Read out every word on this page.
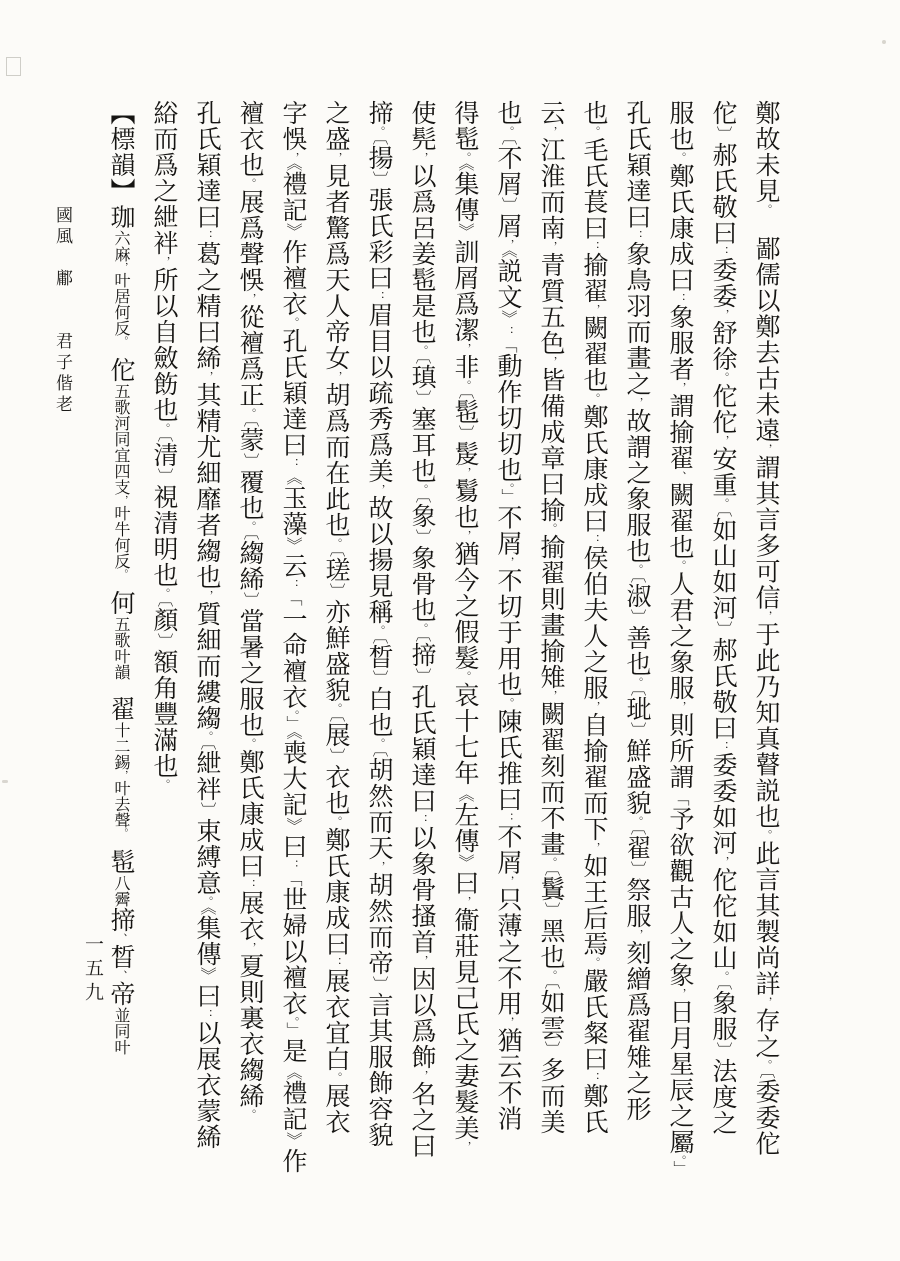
鄭故未見。　鄙儒以鄭去古未遠，謂其言多可信，于此乃知真瞽説也。此言其製尚詳，存之。〔委委佗
佗〕郝氏敬曰：委委，舒徐。佗佗，安重。〔如山如河〕郝氏敬曰：委委如河，佗佗如山。〔象服〕法度之
服也。鄭氏康成曰：象服者，謂揄翟、闕翟也。人君之象服，則所謂「予欲觀古人之象，日月星辰之屬。」
孔氏穎達曰：象鳥羽而畫之，故謂之象服也。〔淑〕善也。〔玼〕鮮盛貌。〔翟〕祭服，刻繒爲翟雉之形
也。毛氏萇曰：揄翟，闕翟也。鄭氏康成曰：侯伯夫人之服，自揄翟而下，如王后焉。嚴氏粲曰：鄭氏
云，江淮而南，青質五色，皆備成章曰揄。揄翟則畫揄雉，闕翟刻而不畫。〔鬒〕黑也。〔如雲〕多而美
也。〔不屑〕屑，《説文》：「動作切切也。」不屑，不切于用也。陳氏推曰：不屑，只薄之不用，猶云不消
得髢。《集傳》訓屑爲潔，非。〔髢〕髲，鬄也，猶今之假髮。哀十七年《左傳》曰，衞莊見己氏之妻髮美，
使髡，以爲呂姜髢是也。〔瑱〕塞耳也。〔象〕象骨也。〔揥〕孔氏穎達曰：以象骨搔首，因以爲飾，名之曰
揥。〔揚〕張氏彩曰：眉目以疏秀爲美，故以揚見稱。〔晳〕白也。〔胡然而天，胡然而帝〕言其服飾容貌
之盛，見者驚爲天人帝女，胡爲而在此也。〔瑳〕亦鮮盛貌。〔展〕衣也。鄭氏康成曰：展衣宜白。展衣
字悞，《禮記》作襢衣。孔氏穎達曰：《玉藻》云：「一命襢衣。」《喪大記》曰：「世婦以襢衣。」是《禮記》作
襢衣也。展爲聲悞，從襢爲正。〔蒙〕覆也。〔縐絺〕當暑之服也。鄭氏康成曰：展衣，夏則裏衣縐絺。
孔氏穎達曰：葛之精曰絺，其精尤細靡者縐也，質細而縷縐。〔紲袢〕束縛意。《集傳》曰：以展衣蒙絺
綌而爲之紲袢，所以自斂飭也。〔清〕視清明也。〔顏〕額角豐滿也。
【標韻】珈六麻，叶居何反。　佗五歌河同宜四支，叶牛何反。　何五歌叶韻　翟十二錫，叶去聲。　髢八霽揥、晳、帝並同叶
國風　鄘　　君子偕老
一五九
